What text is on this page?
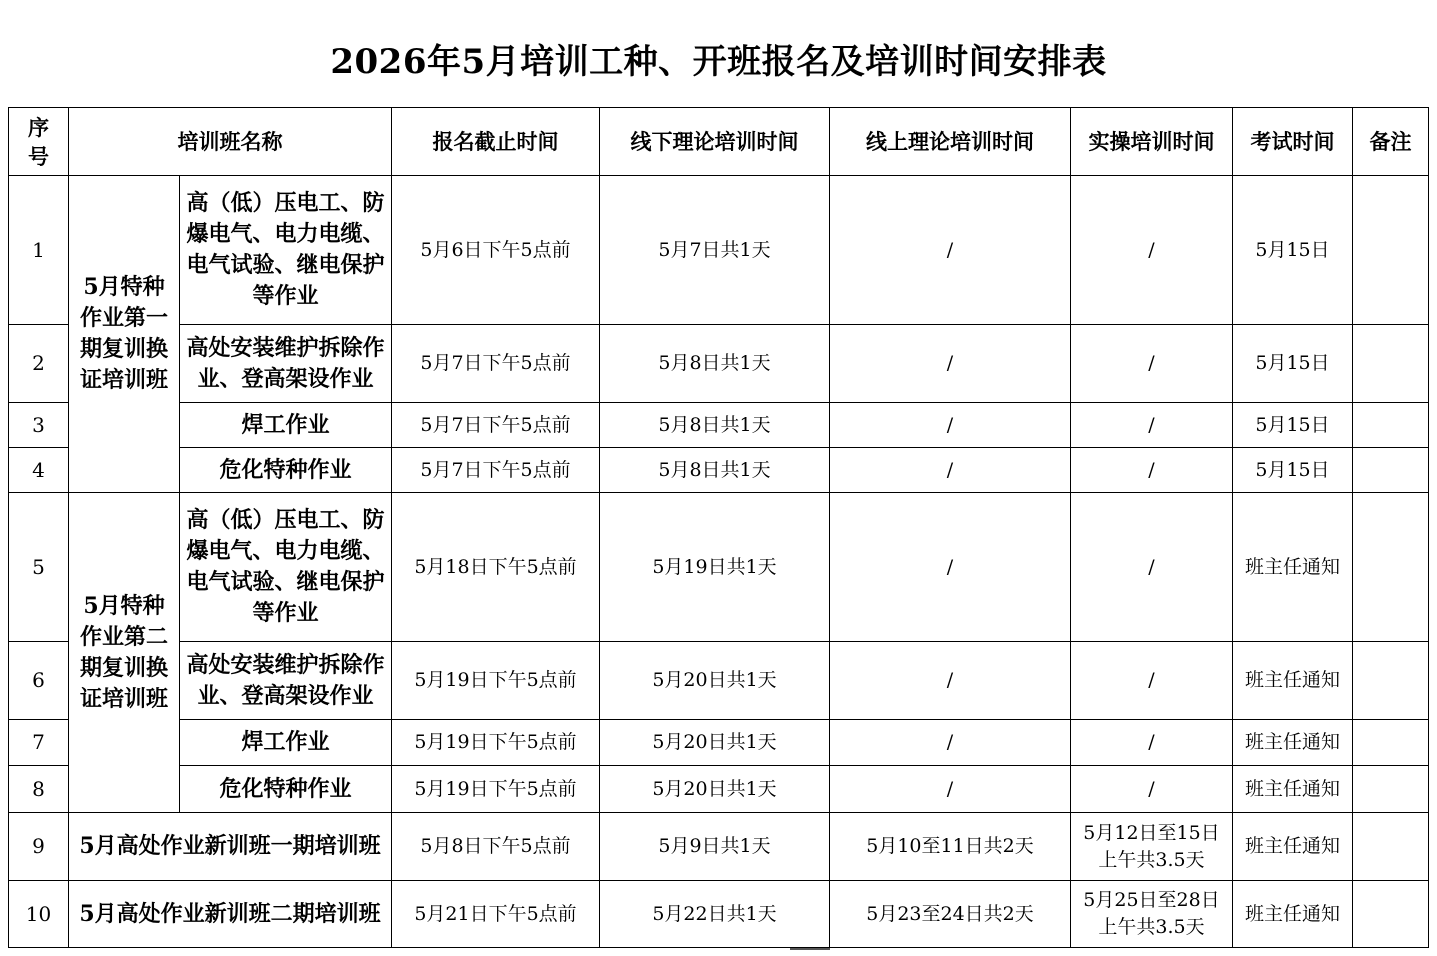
2026年5月培训工种、开班报名及培训时间安排表
序号	培训班名称		报名截止时间	线下理论培训时间	线上理论培训时间	实操培训时间	考试时间	备注
1	5月特种作业第一期复训换证培训班	高（低）压电工、防爆电气、电力电缆、电气试验、继电保护等作业	5月6日下午5点前	5月7日共1天	/	/	5月15日	
2		高处安装维护拆除作业、登高架设作业	5月7日下午5点前	5月8日共1天	/	/	5月15日	
3		焊工作业	5月7日下午5点前	5月8日共1天	/	/	5月15日	
4		危化特种作业	5月7日下午5点前	5月8日共1天	/	/	5月15日	
5	5月特种作业第二期复训换证培训班	高（低）压电工、防爆电气、电力电缆、电气试验、继电保护等作业	5月18日下午5点前	5月19日共1天	/	/	班主任通知	
6		高处安装维护拆除作业、登高架设作业	5月19日下午5点前	5月20日共1天	/	/	班主任通知	
7		焊工作业	5月19日下午5点前	5月20日共1天	/	/	班主任通知	
8		危化特种作业	5月19日下午5点前	5月20日共1天	/	/	班主任通知	
9	5月高处作业新训班一期培训班		5月8日下午5点前	5月9日共1天	5月10至11日共2天	5月12日至15日上午共3.5天	班主任通知	
10	5月高处作业新训班二期培训班		5月21日下午5点前	5月22日共1天	5月23至24日共2天	5月25日至28日上午共3.5天	班主任通知	
